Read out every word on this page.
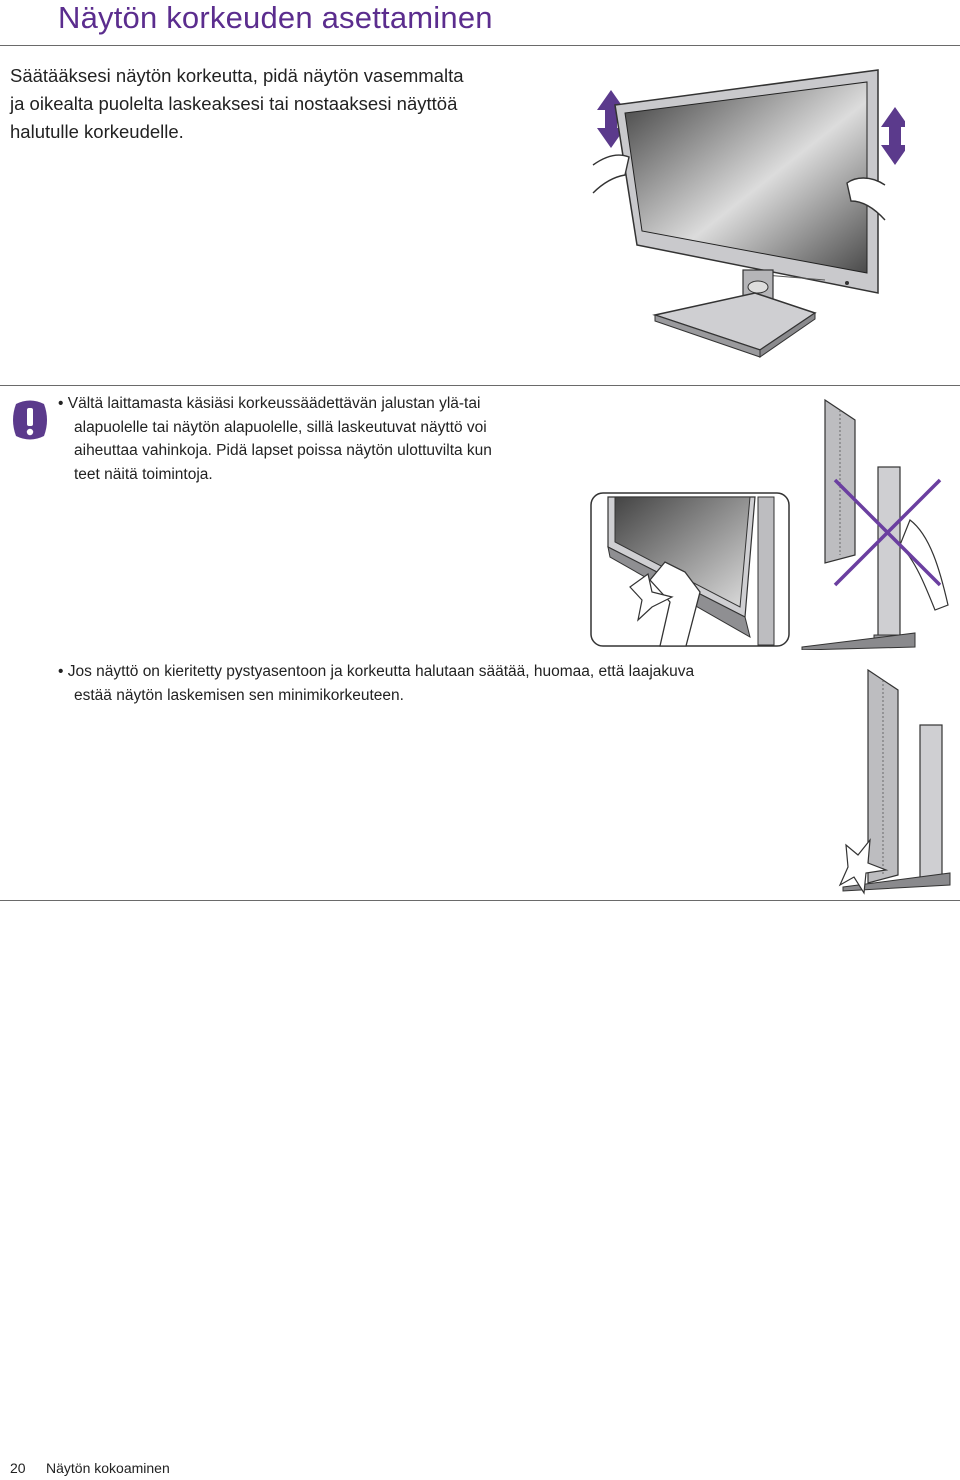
Näytön korkeuden asettaminen
Säätääksesi näytön korkeutta, pidä näytön vasemmalta
ja oikealta puolelta laskeaksesi tai nostaaksesi näyttöä
halutulle korkeudelle.
• Vältä laittamasta käsiäsi korkeussäädettävän jalustan ylä-tai
alapuolelle tai näytön alapuolelle, sillä laskeutuvat näyttö voi
aiheuttaa vahinkoja. Pidä lapset poissa näytön ulottuvilta kun
teet näitä toimintoja.
• Jos näyttö on kieritetty pystyasentoon ja korkeutta halutaan säätää, huomaa, että laajakuva
estää näytön laskemisen sen minimikorkeuteen.
20 Näytön kokoaminen
